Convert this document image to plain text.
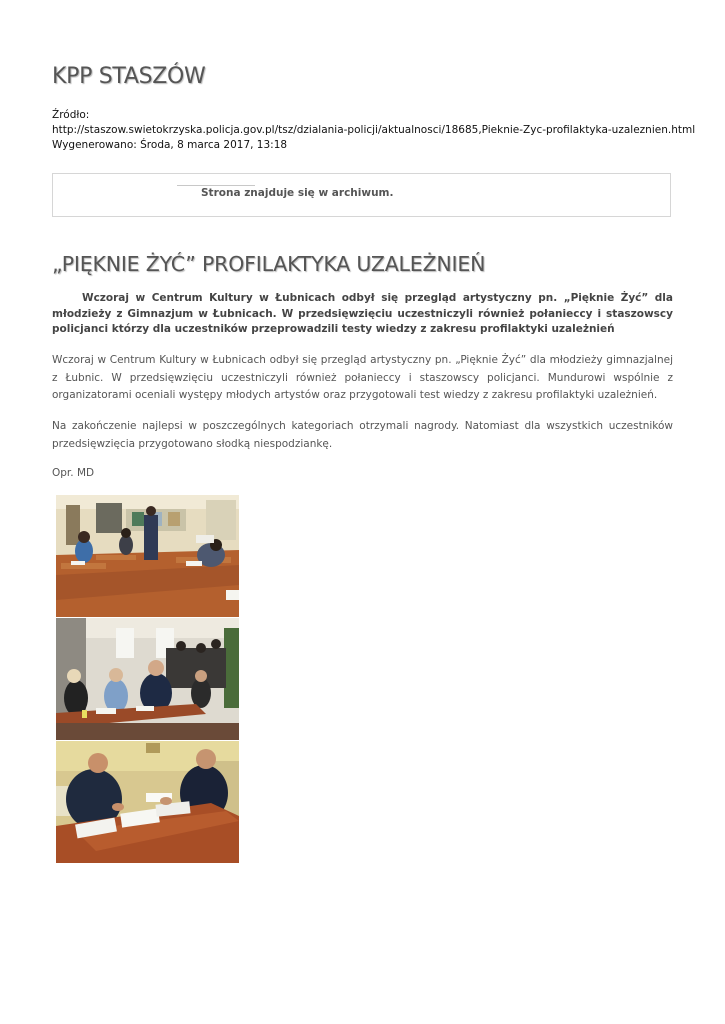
KPP STASZÓW
Źródło:
http://staszow.swietokrzyska.policja.gov.pl/tsz/dzialania-policji/aktualnosci/18685,Pieknie-Zyc-profilaktyka-uzaleznien.html
Wygenerowano: Środa, 8 marca 2017, 13:18
Strona znajduje się w archiwum.
„PIĘKNIE ŻYĆ” PROFILAKTYKA UZALEŻNIEŃ

Wczoraj w Centrum Kultury w Łubnicach odbył się przegląd artystyczny pn. „Pięknie Żyć” dla młodzieży z Gimnazjum w Łubnicach. W przedsięwzięciu uczestniczyli również połanieccy i staszowscy policjanci którzy dla uczestników przeprowadzili testy wiedzy z zakresu profilaktyki uzależnień

Wczoraj w Centrum Kultury w Łubnicach odbył się przegląd artystyczny pn. „Pięknie Żyć” dla młodzieży gimnazjalnej z Łubnic. W przedsięwzięciu uczestniczyli również połanieccy i staszowscy policjanci. Mundurowi wspólnie z organizatorami oceniali występy młodych artystów oraz przygotowali test wiedzy z zakresu profilaktyki uzależnień.

Na zakończenie najlepsi w poszczególnych kategoriach otrzymali nagrody. Natomiast dla wszystkich uczestników przedsięwzięcia przygotowano słodką niespodziankę.

Opr. MD
